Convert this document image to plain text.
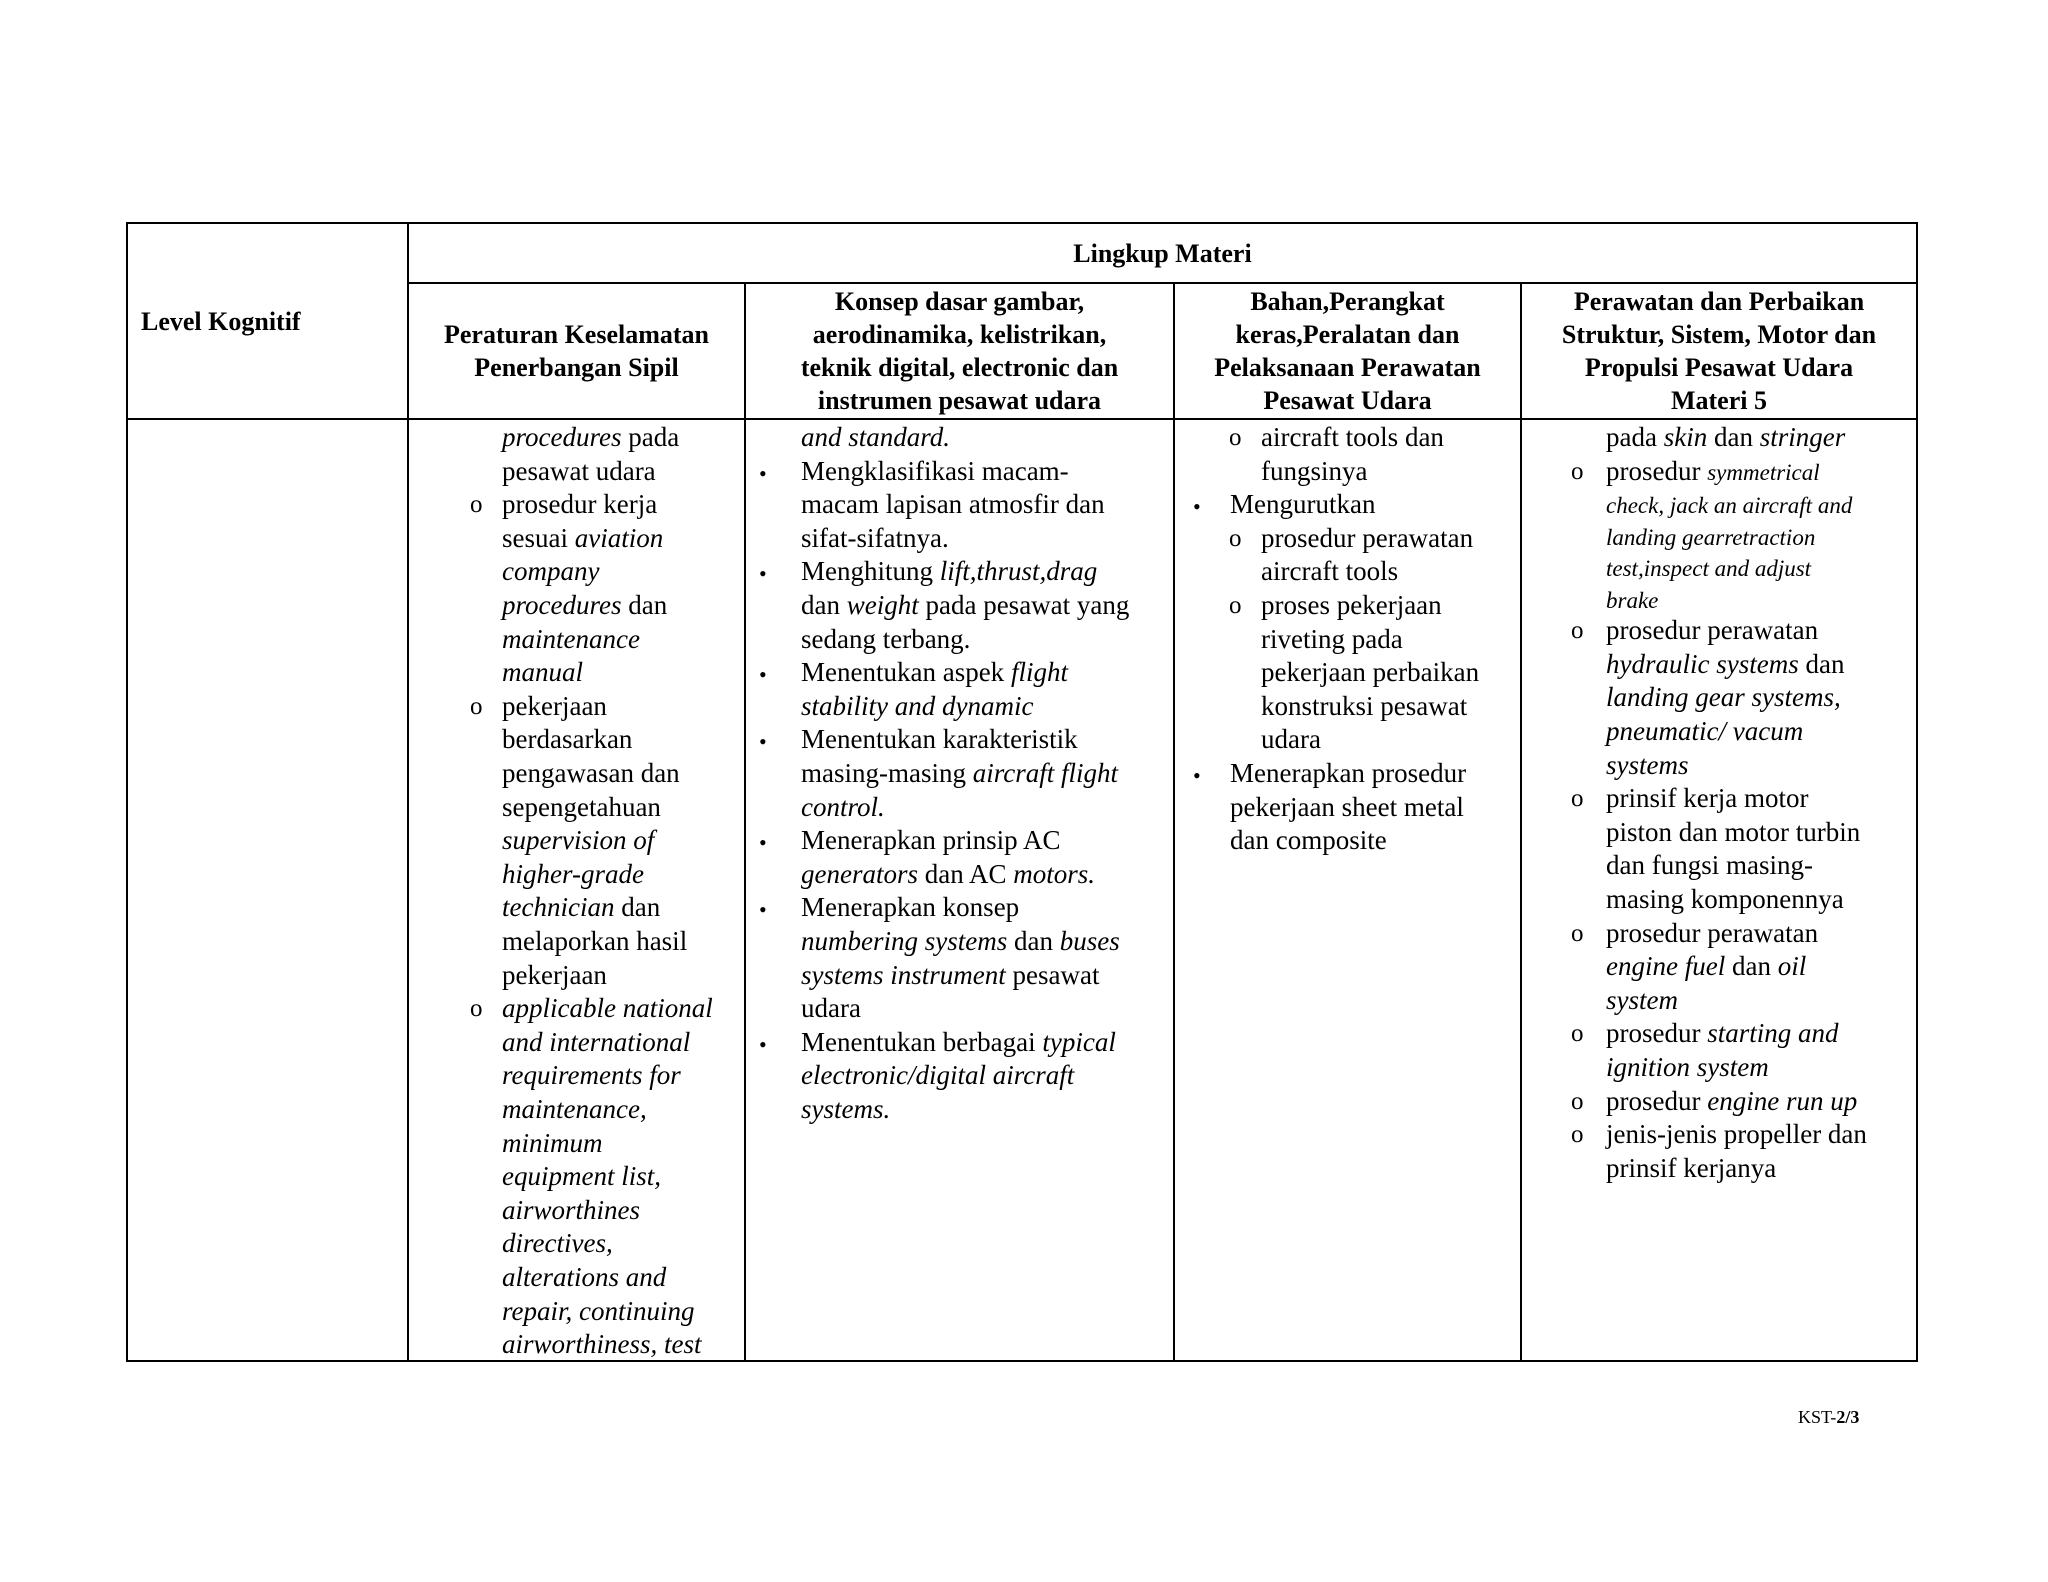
Level Kognitif
Lingkup Materi
Peraturan Keselamatan
Penerbangan Sipil
Konsep dasar gambar,
aerodinamika, kelistrikan,
teknik digital, electronic dan
instrumen pesawat udara
Bahan,Perangkat
keras,Peralatan dan
Pelaksanaan Perawatan
Pesawat Udara
Perawatan dan Perbaikan
Struktur, Sistem, Motor dan
Propulsi Pesawat Udara
Materi 5
procedures pada
pesawat udara
o prosedur kerja
sesuai aviation
company
procedures dan
maintenance
manual
o pekerjaan
berdasarkan
pengawasan dan
sepengetahuan
supervision of
higher-grade
technician dan
melaporkan hasil
pekerjaan
o applicable national
and international
requirements for
maintenance,
minimum
equipment list,
airworthines
directives,
alterations and
repair, continuing
airworthiness, test
and standard.
• Mengklasifikasi macam-
macam lapisan atmosfir dan
sifat-sifatnya.
• Menghitung lift,thrust,drag
dan weight pada pesawat yang
sedang terbang.
• Menentukan aspek flight
stability and dynamic
• Menentukan karakteristik
masing-masing aircraft flight
control.
• Menerapkan prinsip AC
generators dan AC motors.
• Menerapkan konsep
numbering systems dan buses
systems instrument pesawat
udara
• Menentukan berbagai typical
electronic/digital aircraft
systems.
o aircraft tools dan
fungsinya
• Mengurutkan
o prosedur perawatan
aircraft tools
o proses pekerjaan
riveting pada
pekerjaan perbaikan
konstruksi pesawat
udara
• Menerapkan prosedur
pekerjaan sheet metal
dan composite
pada skin dan stringer
o prosedur symmetrical
check, jack an aircraft and
landing gearretraction
test,inspect and adjust
brake
o prosedur perawatan
hydraulic systems dan
landing gear systems,
pneumatic/ vacum
systems
o prinsif kerja motor
piston dan motor turbin
dan fungsi masing-
masing komponennya
o prosedur perawatan
engine fuel dan oil
system
o prosedur starting and
ignition system
o prosedur engine run up
o jenis-jenis propeller dan
prinsif kerjanya
KST-2/3
